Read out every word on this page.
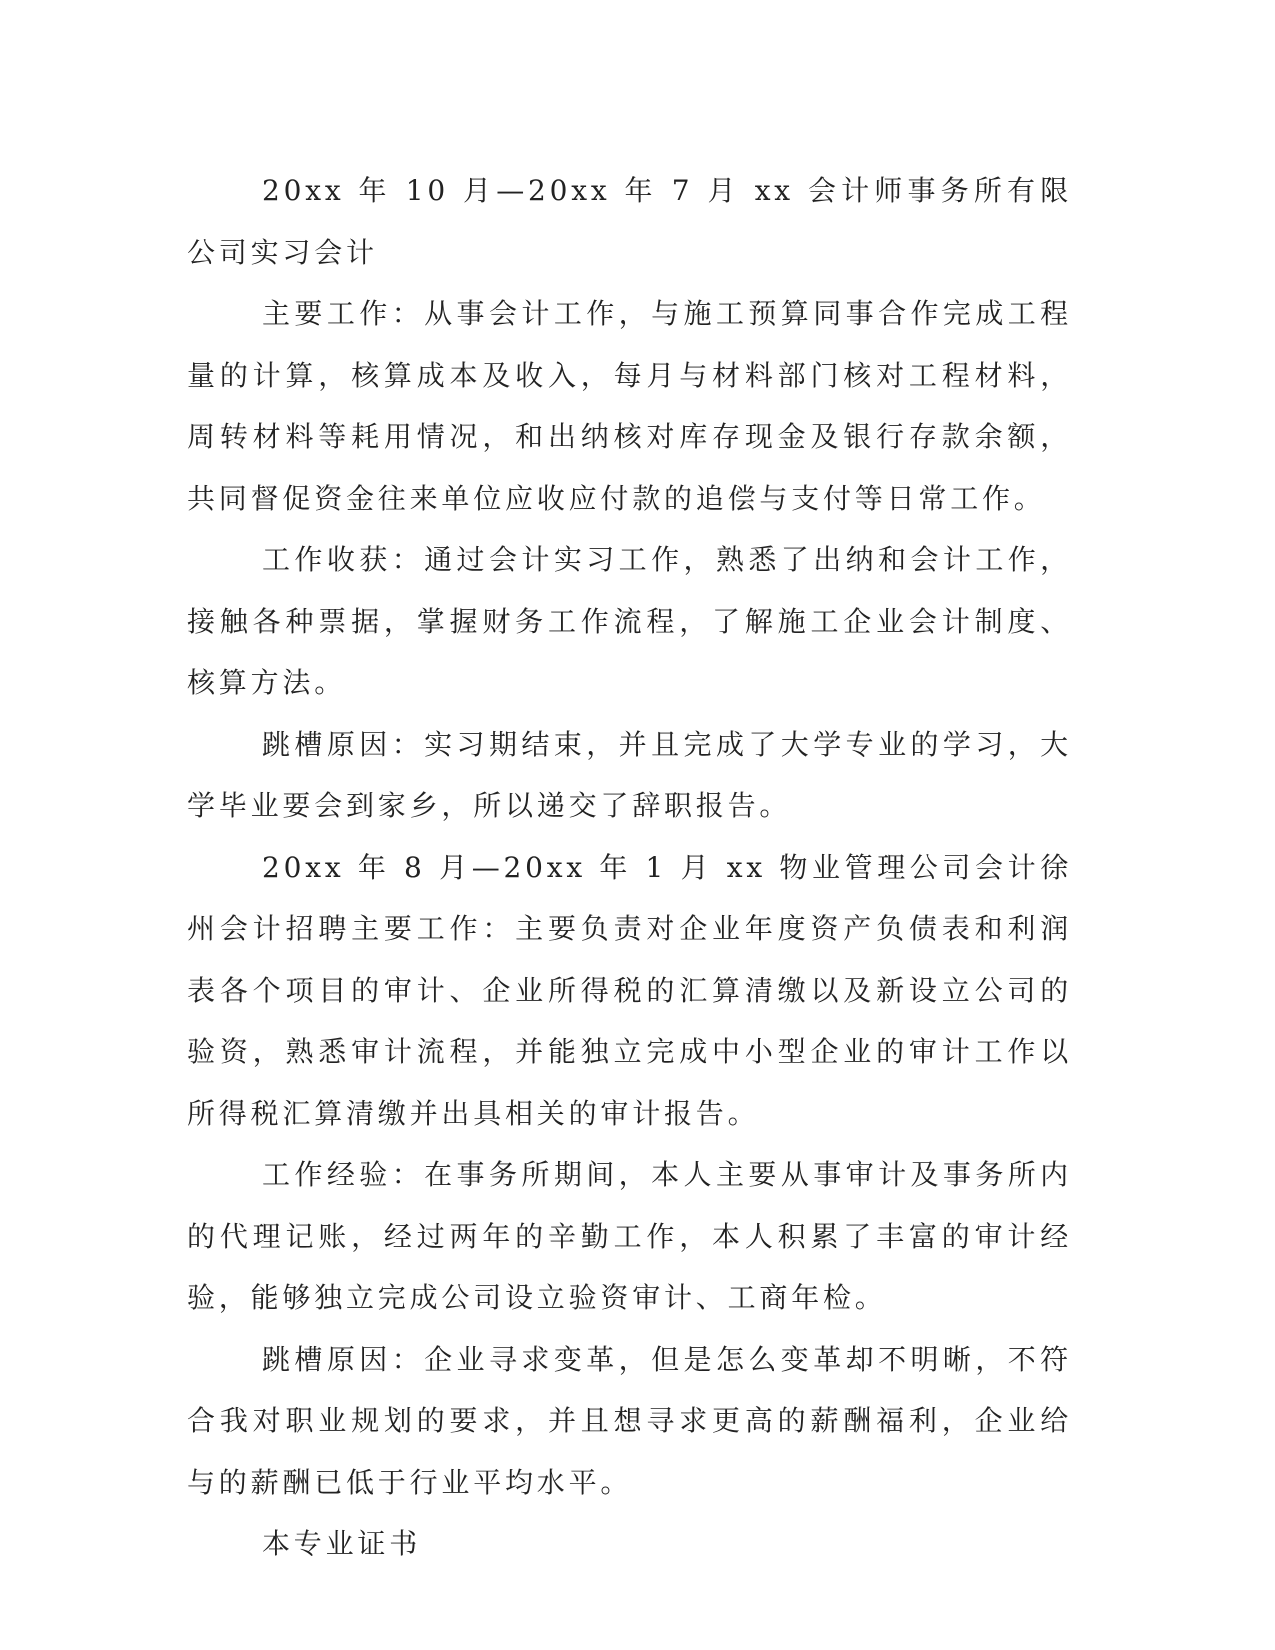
20xx 年 10 月—20xx 年 7 月 xx 会计师事务所有限公司实习会计

主要工作：从事会计工作，与施工预算同事合作完成工程量的计算，核算成本及收入，每月与材料部门核对工程材料，周转材料等耗用情况，和出纳核对库存现金及银行存款余额，共同督促资金往来单位应收应付款的追偿与支付等日常工作。

工作收获：通过会计实习工作，熟悉了出纳和会计工作，接触各种票据，掌握财务工作流程，了解施工企业会计制度、核算方法。

跳槽原因：实习期结束，并且完成了大学专业的学习，大学毕业要会到家乡，所以递交了辞职报告。

20xx 年 8 月—20xx 年 1 月 xx 物业管理公司会计徐州会计招聘主要工作：主要负责对企业年度资产负债表和利润表各个项目的审计、企业所得税的汇算清缴以及新设立公司的验资，熟悉审计流程，并能独立完成中小型企业的审计工作以所得税汇算清缴并出具相关的审计报告。

工作经验：在事务所期间，本人主要从事审计及事务所内的代理记账，经过两年的辛勤工作，本人积累了丰富的审计经验，能够独立完成公司设立验资审计、工商年检。

跳槽原因：企业寻求变革，但是怎么变革却不明晰，不符合我对职业规划的要求，并且想寻求更高的薪酬福利，企业给与的薪酬已低于行业平均水平。

本专业证书
